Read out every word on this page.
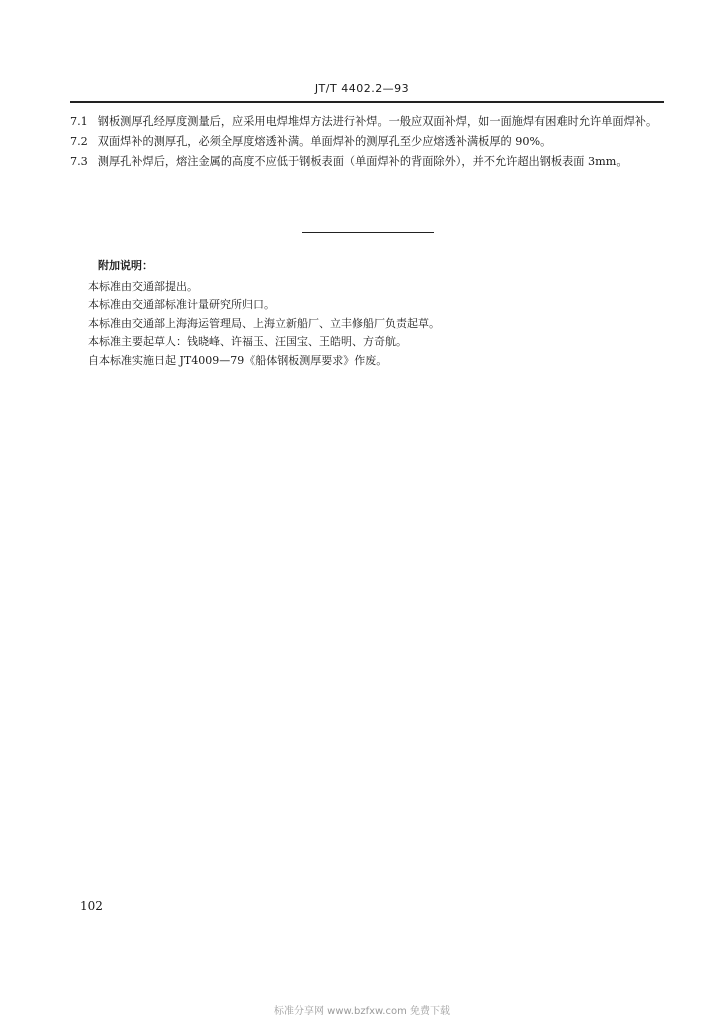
JT/T 4402.2—93

7.1 钢板测厚孔经厚度测量后，应采用电焊堆焊方法进行补焊。一般应双面补焊，如一面施焊有困难时允许单面焊补。

7.2 双面焊补的测厚孔，必须全厚度熔透补满。单面焊补的测厚孔至少应熔透补满板厚的 90%。

7.3 测厚孔补焊后，熔注金属的高度不应低于钢板表面（单面焊补的背面除外），并不允许超出钢板表面 3mm。

附加说明：

本标准由交通部提出。

本标准由交通部标准计量研究所归口。

本标准由交通部上海海运管理局、上海立新船厂、立丰修船厂负责起草。

本标准主要起草人：钱晓峰、许福玉、汪国宝、王皓明、方奇航。

自本标准实施日起 JT4009—79《船体钢板测厚要求》作废。

102
标准分享网 www.bzfxw.com 免费下载
